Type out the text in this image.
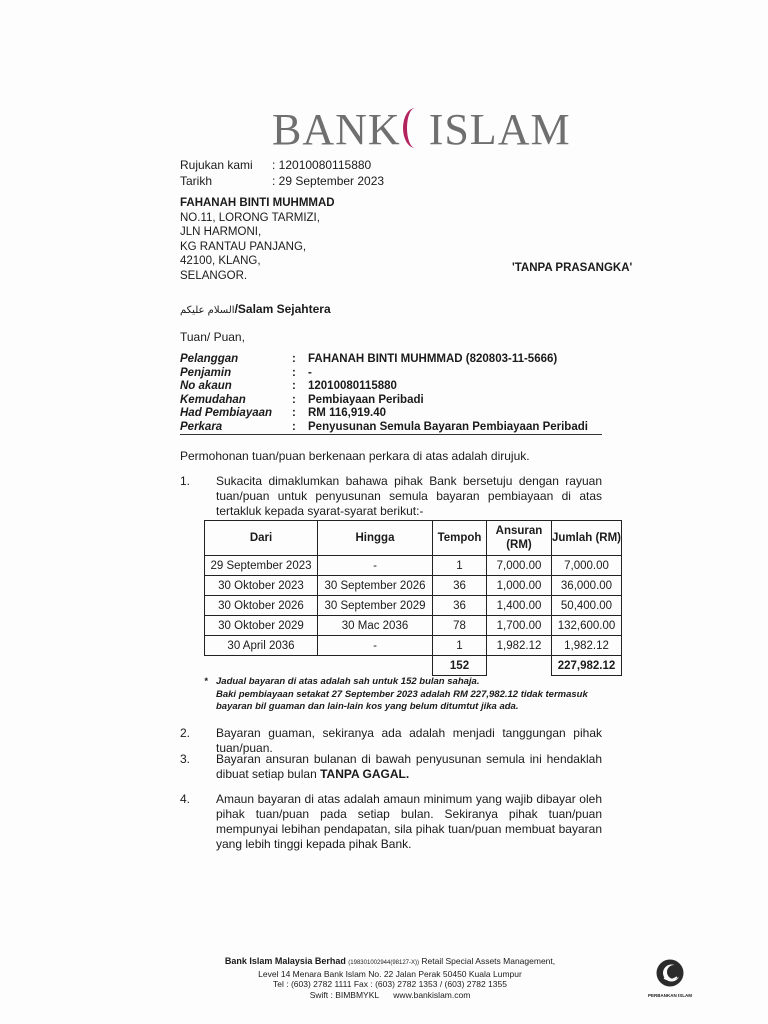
BANK ISLAM
Rujukan kami : 12010080115880
Tarikh	: 29 September 2023
FAHANAH BINTI MUHMMAD
NO.11, LORONG TARMIZI,
JLN HARMONI,
KG RANTAU PANJANG,
42100, KLANG,
SELANGOR.
'TANPA PRASANGKA'
السلام عليكم/Salam Sejahtera
Tuan/ Puan,
Pelanggan	: FAHANAH BINTI MUHMMAD (820803-11-5666)
Penjamin	: -
No akaun	: 12010080115880
Kemudahan	: Pembiayaan Peribadi
Had Pembiayaan : RM 116,919.40
Perkara	: Penyusunan Semula Bayaran Pembiayaan Peribadi
Permohonan tuan/puan berkenaan perkara di atas adalah dirujuk.
1. Sukacita dimaklumkan bahawa pihak Bank bersetuju dengan rayuan tuan/puan untuk penyusunan semula bayaran pembiayaan di atas tertakluk kepada syarat-syarat berikut:-
Dari	Hingga	Tempoh	Ansuran (RM)	Jumlah (RM)
29 September 2023	-	1	7,000.00	7,000.00
30 Oktober 2023	30 September 2026	36	1,000.00	36,000.00
30 Oktober 2026	30 September 2029	36	1,400.00	50,400.00
30 Oktober 2029	30 Mac 2036	78	1,700.00	132,600.00
30 April 2036	-	1	1,982.12	1,982.12
		152		227,982.12
* Jadual bayaran di atas adalah sah untuk 152 bulan sahaja.
Baki pembiayaan setakat 27 September 2023 adalah RM 227,982.12 tidak termasuk bayaran bil guaman dan lain-lain kos yang belum ditumtut jika ada.
2. Bayaran guaman, sekiranya ada adalah menjadi tanggungan pihak tuan/puan.
3. Bayaran ansuran bulanan di bawah penyusunan semula ini hendaklah dibuat setiap bulan TANPA GAGAL.
4. Amaun bayaran di atas adalah amaun minimum yang wajib dibayar oleh pihak tuan/puan pada setiap bulan. Sekiranya pihak tuan/puan mempunyai lebihan pendapatan, sila pihak tuan/puan membuat bayaran yang lebih tinggi kepada pihak Bank.
Bank Islam Malaysia Berhad (198301002944(98127-X)) Retail Special Assets Management,
Level 14 Menara Bank Islam No. 22 Jalan Perak 50450 Kuala Lumpur
Tel : (603) 2782 1111 Fax : (603) 2782 1353 / (603) 2782 1355
Swift : BIMBMYKL www.bankislam.com	PERBANKAN ISLAM
